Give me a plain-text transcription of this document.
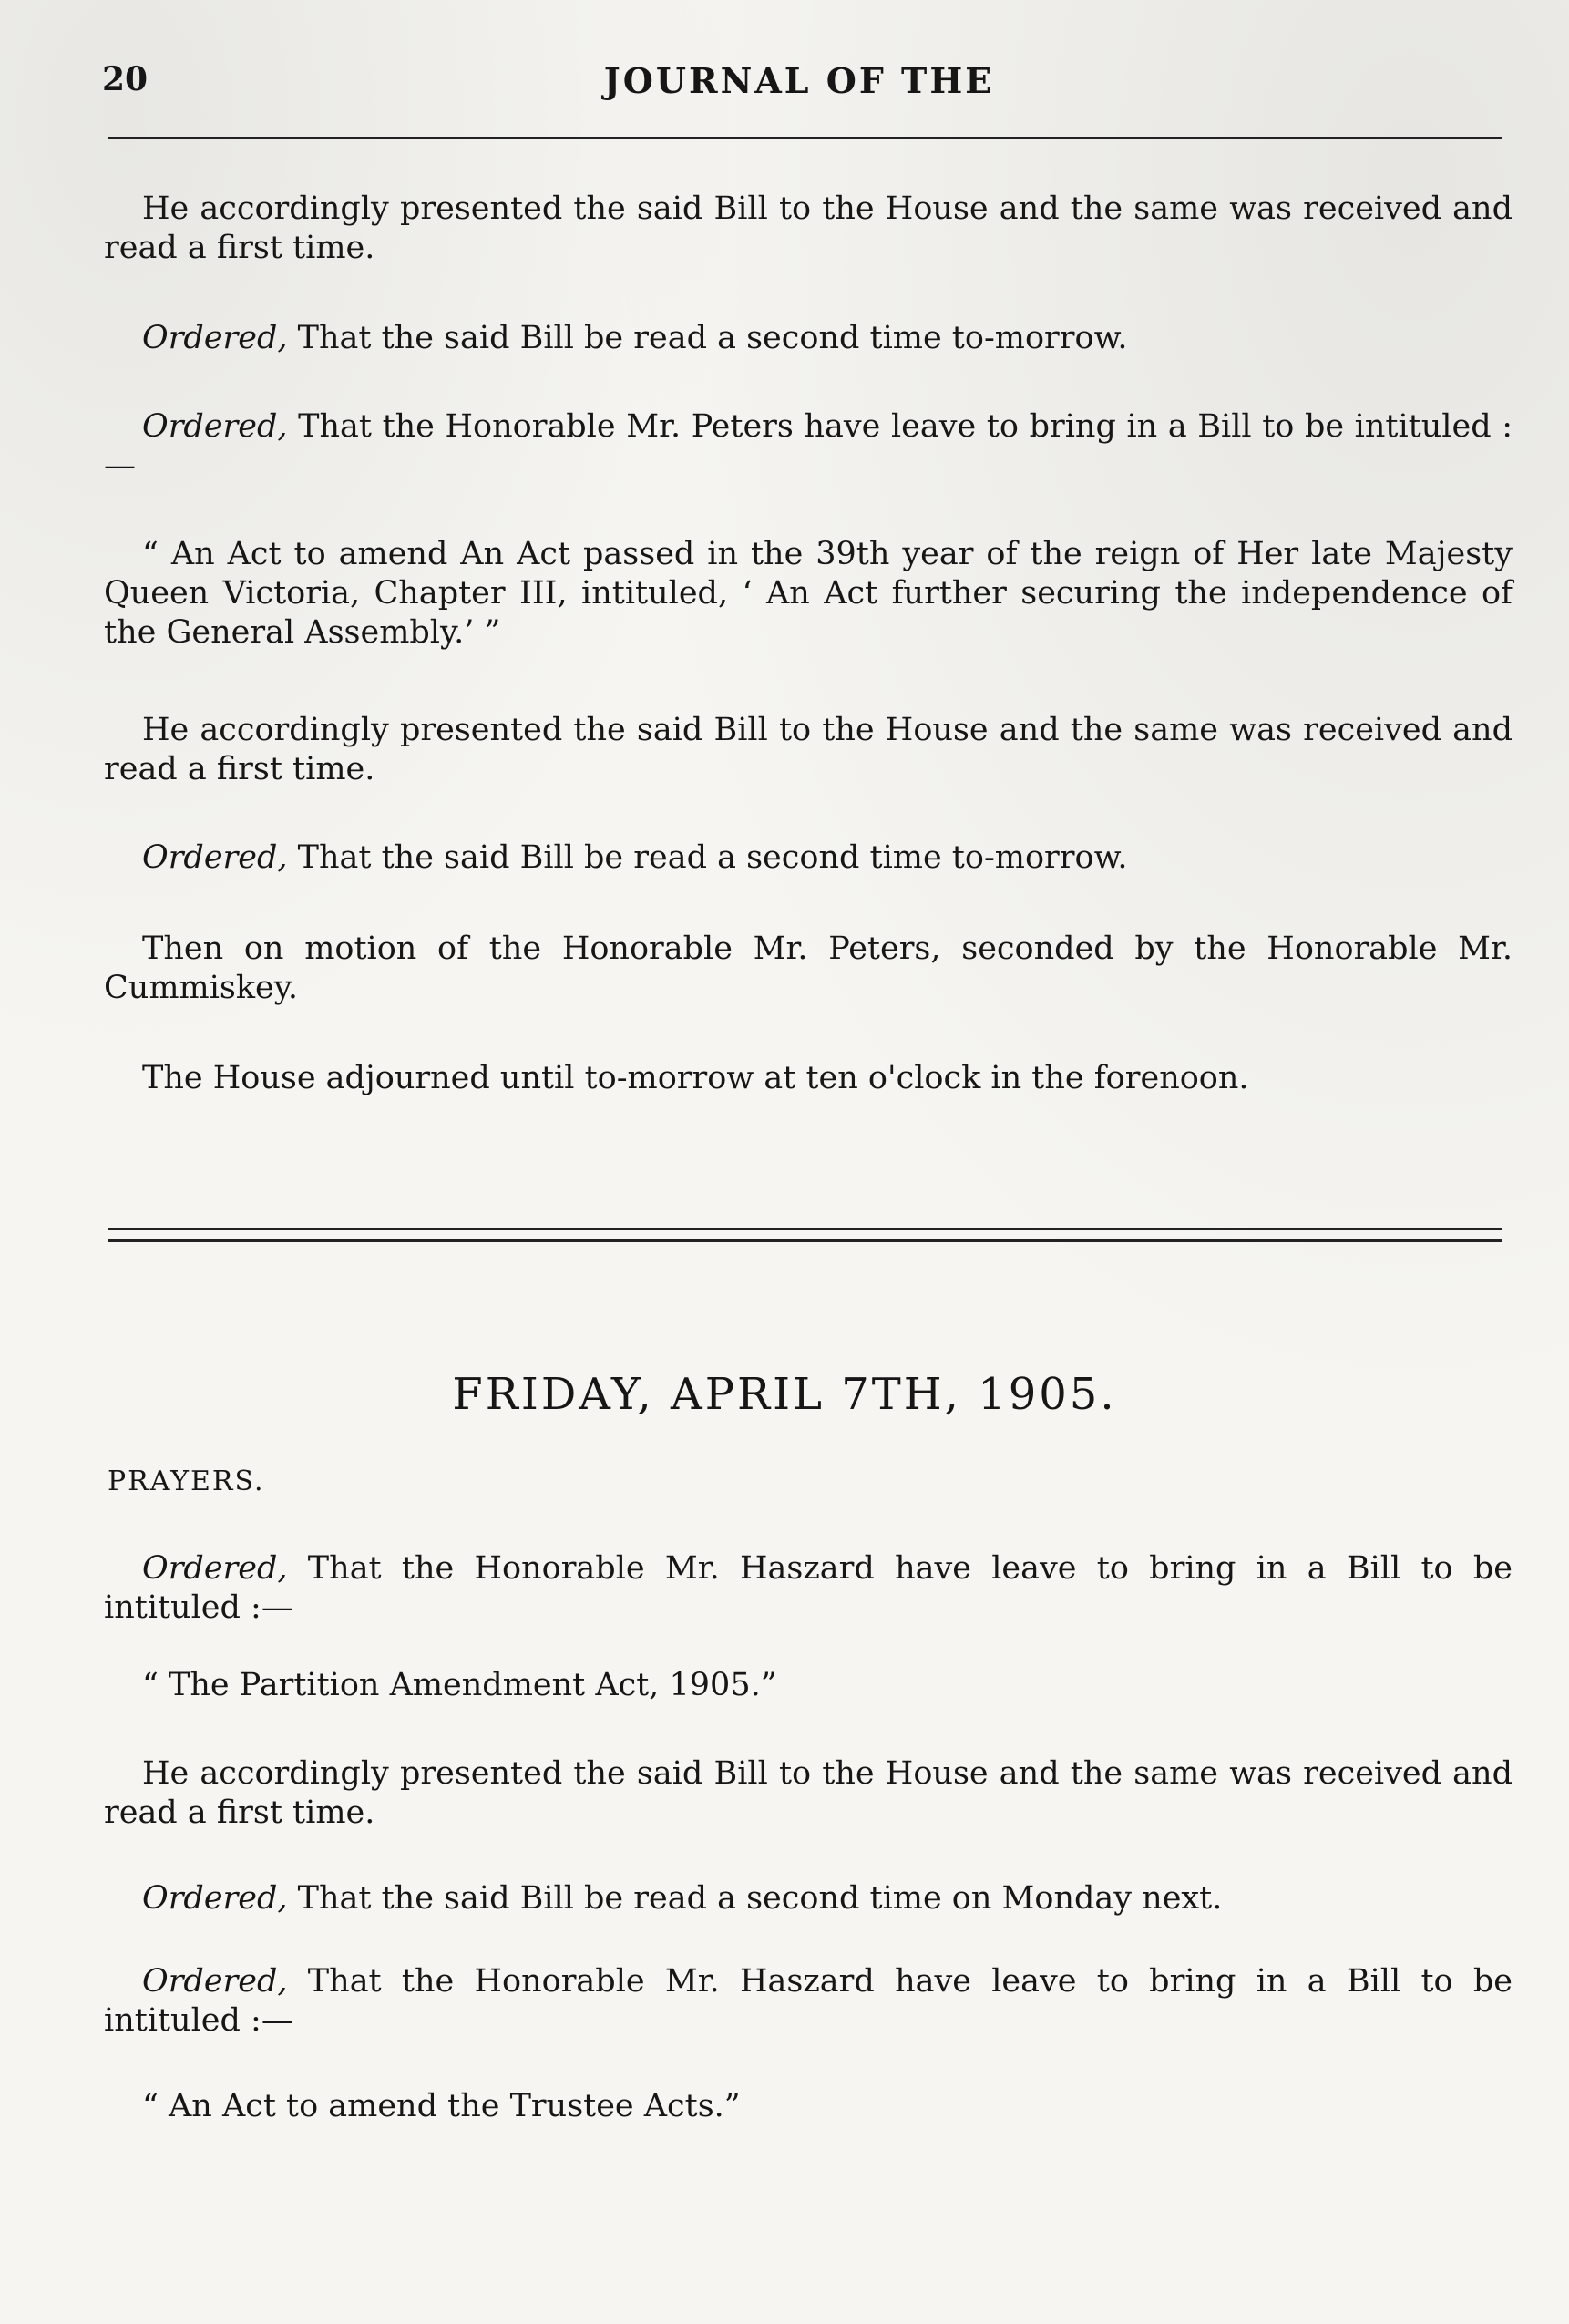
20	JOURNAL OF THE

He accordingly presented the said Bill to the House and the same was received and read a first time.

Ordered, That the said Bill be read a second time to-morrow.

Ordered, That the Honorable Mr. Peters have leave to bring in a Bill to be intituled :—

“ An Act to amend An Act passed in the 39th year of the reign of Her late Majesty Queen Victoria, Chapter III, intituled, ‘ An Act further securing the independence of the General Assembly.’ ”

He accordingly presented the said Bill to the House and the same was received and read a first time.

Ordered, That the said Bill be read a second time to-morrow.

Then on motion of the Honorable Mr. Peters, seconded by the Honorable Mr. Cummiskey.

The House adjourned until to-morrow at ten o'clock in the forenoon.

FRIDAY, APRIL 7TH, 1905.
PRAYERS.

Ordered, That the Honorable Mr. Haszard have leave to bring in a Bill to be intituled :—

“ The Partition Amendment Act, 1905.”

He accordingly presented the said Bill to the House and the same was received and read a first time.

Ordered, That the said Bill be read a second time on Monday next.

Ordered, That the Honorable Mr. Haszard have leave to bring in a Bill to be intituled :—

“ An Act to amend the Trustee Acts.”
